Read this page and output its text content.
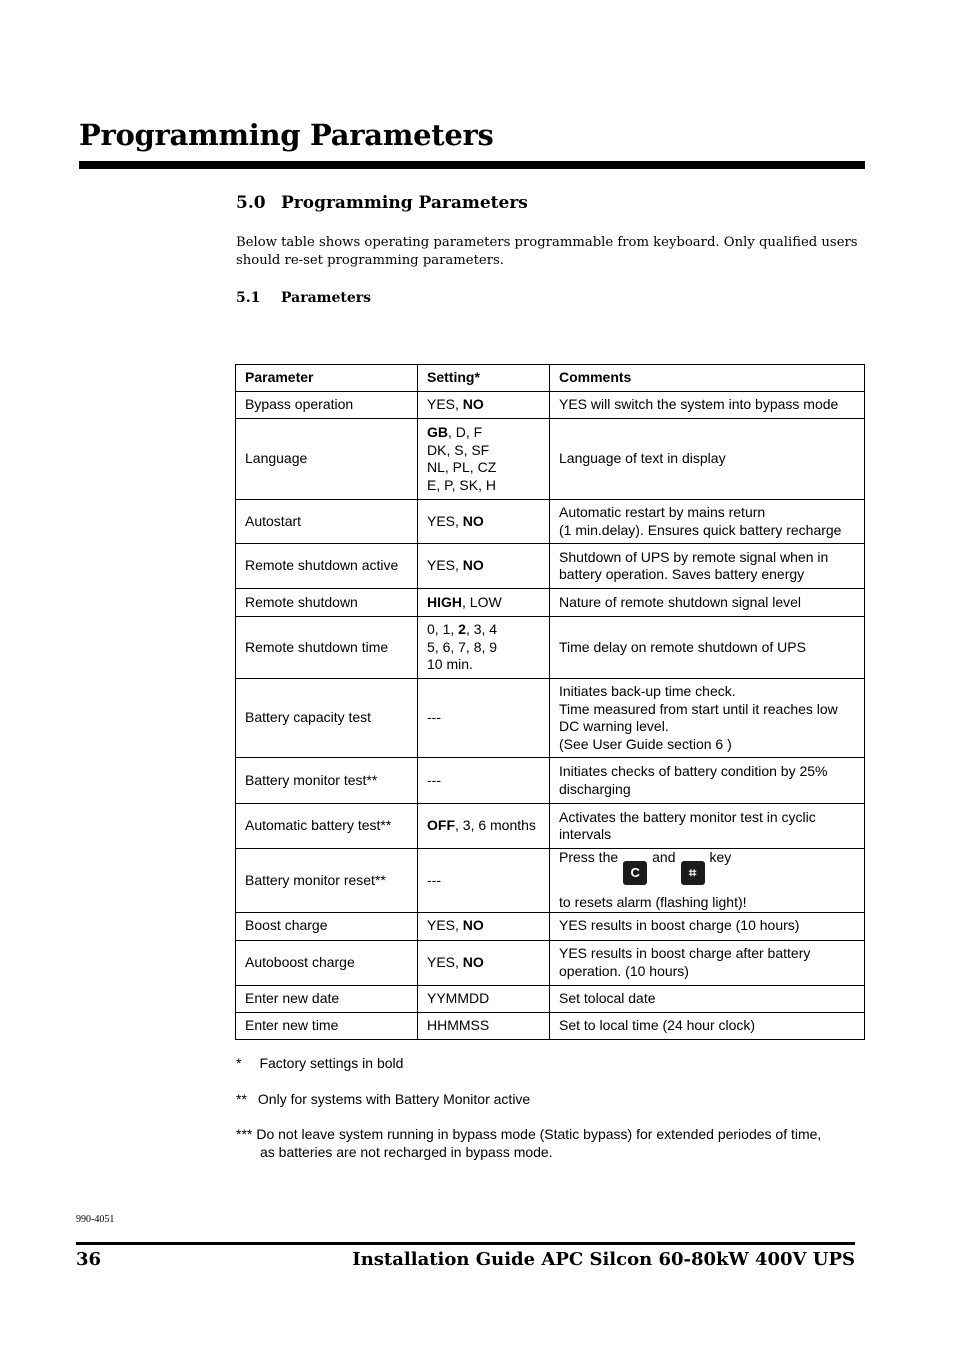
Programming Parameters
5.0 Programming Parameters

Below table shows operating parameters programmable from keyboard. Only qualified users should re-set programming parameters.

5.1 Parameters
Parameter	Setting*	Comments
Bypass operation	YES, NO	YES will switch the system into bypass mode

Language	GB, D, F
DK, S, SF
NL, PL, CZ
E, P, SK, H	Language of text in display

Autostart	YES, NO	Automatic restart by mains return
(1 min.delay). Ensures quick battery recharge

Remote shutdown active	YES, NO	Shutdown of UPS by remote signal when in
battery operation. Saves battery energy

Remote shutdown	HIGH, LOW	Nature of remote shutdown signal level

Remote shutdown time	0, 1, 2, 3, 4
5, 6, 7, 8, 9
10 min.	Time delay on remote shutdown of UPS

Battery capacity test	---	Initiates back-up time check.
Time measured from start until it reaches low
DC warning level.
(See User Guide section 6 )

Battery monitor test**	---	Initiates checks of battery condition by 25%
discharging

Automatic battery test**	OFF, 3, 6 months	Activates the battery monitor test in cyclic
intervals

Battery monitor reset**	---	Press theCand⌗key
to resets alarm (flashing light)!

Boost charge	YES, NO	YES results in boost charge (10 hours)

Autoboost charge	YES, NO	YES results in boost charge after battery
operation. (10 hours)

Enter new date	YYMMDD	Set tolocal date

Enter new time	HHMMSS	Set to local time (24 hour clock)
* Factory settings in bold
** Only for systems with Battery Monitor active
*** Do not leave system running in bypass mode (Static bypass) for extended periodes of time,
as batteries are not recharged in bypass mode.
990-4051
36	Installation Guide APC Silcon 60-80kW 400V UPS
